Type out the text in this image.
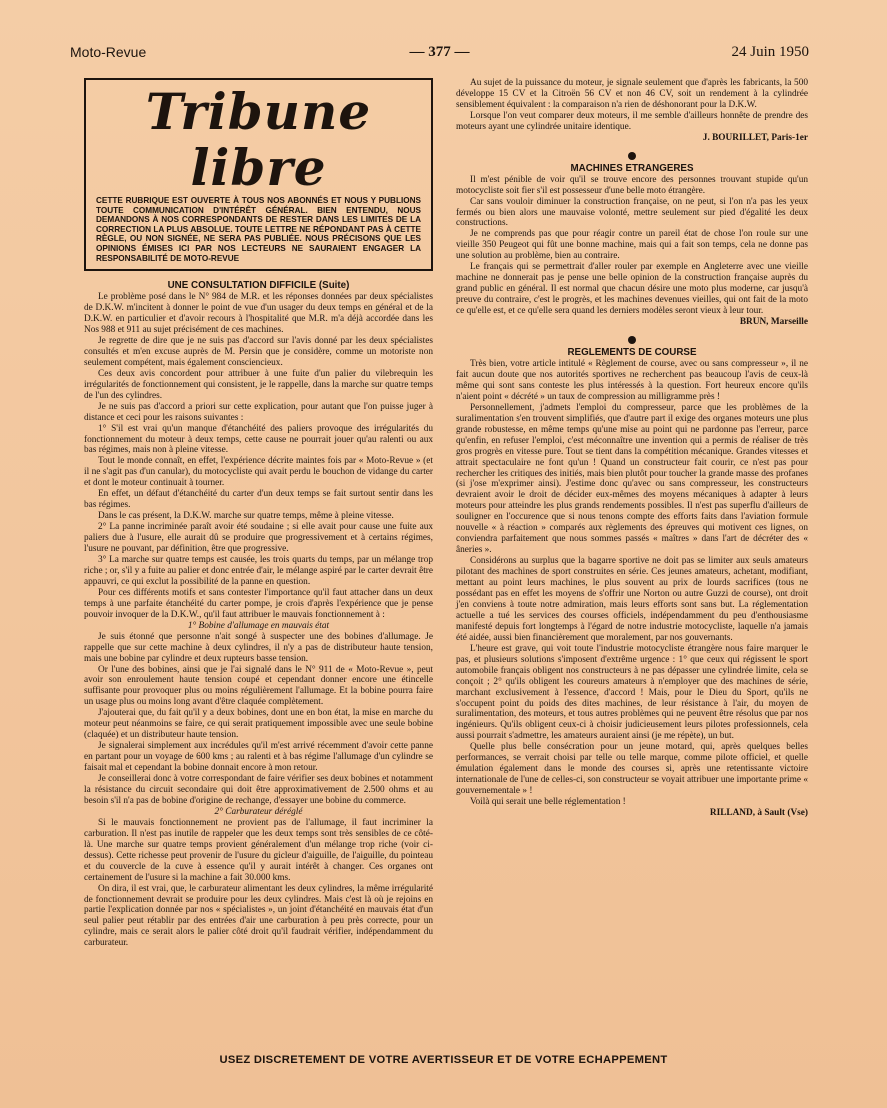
Moto-Revue	— 377 —	24 Juin 1950
Tribune libre
CETTE RUBRIQUE EST OUVERTE À TOUS NOS ABONNÉS ET NOUS Y PUBLIONS TOUTE COMMUNICATION D'INTÉRÊT GÉNÉRAL. BIEN ENTENDU, NOUS DEMANDONS À NOS CORRESPONDANTS DE RESTER DANS LES LIMITES DE LA CORRECTION LA PLUS ABSOLUE. TOUTE LETTRE NE RÉPONDANT PAS À CETTE RÈGLE, OU NON SIGNÉE, NE SERA PAS PUBLIÉE. NOUS PRÉCISONS QUE LES OPINIONS ÉMISES ICI PAR NOS LECTEURS NE SAURAIENT ENGAGER LA RESPONSABILITÉ DE MOTO-REVUE

UNE CONSULTATION DIFFICILE (Suite)

Le problème posé dans le N° 984 de M.R. et les réponses données par deux spécialistes de D.K.W. m'incitent à donner le point de vue d'un usager du deux temps en général et de la D.K.W. en particulier et d'avoir recours à l'hospitalité que M.R. m'a déjà accordée dans les Nos 988 et 911 au sujet précisément de ces machines.

Je regrette de dire que je ne suis pas d'accord sur l'avis donné par les deux spécialistes consultés et m'en excuse auprès de M. Persin que je considère, comme un motoriste non seulement compétent, mais également consciencieux.

Ces deux avis concordent pour attribuer à une fuite d'un palier du vilebrequin les irrégularités de fonctionnement qui consistent, je le rappelle, dans la marche sur quatre temps de l'un des cylindres.

Je ne suis pas d'accord a priori sur cette explication, pour autant que l'on puisse juger à distance et ceci pour les raisons suivantes :

1° S'il est vrai qu'un manque d'étanchéité des paliers provoque des irrégularités du fonctionnement du moteur à deux temps, cette cause ne pourrait jouer qu'au ralenti ou aux bas régimes, mais non à pleine vitesse.

Tout le monde connaît, en effet, l'expérience décrite maintes fois par « Moto-Revue » (et il ne s'agit pas d'un canular), du motocycliste qui avait perdu le bouchon de vidange du carter et dont le moteur continuait à tourner.

En effet, un défaut d'étanchéité du carter d'un deux temps se fait surtout sentir dans les bas régimes.

Dans le cas présent, la D.K.W. marche sur quatre temps, même à pleine vitesse.

2° La panne incriminée paraît avoir été soudaine ; si elle avait pour cause une fuite aux paliers due à l'usure, elle aurait dû se produire que progressivement et à certains régimes, l'usure ne pouvant, par définition, être que progressive.

3° La marche sur quatre temps est causée, les trois quarts du temps, par un mélange trop riche ; or, s'il y a fuite au palier et donc entrée d'air, le mélange aspiré par le carter devrait être appauvri, ce qui exclut la possibilité de la panne en question.

Pour ces différents motifs et sans contester l'importance qu'il faut attacher dans un deux temps à une parfaite étanchéité du carter pompe, je crois d'après l'expérience que je pense pouvoir invoquer de la D.K.W., qu'il faut attribuer le mauvais fonctionnement à :

1° Bobine d'allumage en mauvais état

Je suis étonné que personne n'ait songé à suspecter une des bobines d'allumage. Je rappelle que sur cette machine à deux cylindres, il n'y a pas de distributeur haute tension, mais une bobine par cylindre et deux rupteurs basse tension.

Or l'une des bobines, ainsi que je l'ai signalé dans le N° 911 de « Moto-Revue », peut avoir son enroulement haute tension coupé et cependant donner encore une étincelle suffisante pour provoquer plus ou moins régulièrement l'allumage. Et la bobine pourra faire un usage plus ou moins long avant d'être claquée complètement.

J'ajouterai que, du fait qu'il y a deux bobines, dont une en bon état, la mise en marche du moteur peut néanmoins se faire, ce qui serait pratiquement impossible avec une seule bobine (claquée) et un distributeur haute tension.

Je signalerai simplement aux incrédules qu'il m'est arrivé récemment d'avoir cette panne en partant pour un voyage de 600 kms ; au ralenti et à bas régime l'allumage d'un cylindre se faisait mal et cependant la bobine donnait encore à mon retour.

Je conseillerai donc à votre correspondant de faire vérifier ses deux bobines et notamment la résistance du circuit secondaire qui doit être approximativement de 2.500 ohms et au besoin s'il n'a pas de bobine d'origine de rechange, d'essayer une bobine du commerce.

2° Carburateur déréglé

Si le mauvais fonctionnement ne provient pas de l'allumage, il faut incriminer la carburation. Il n'est pas inutile de rappeler que les deux temps sont très sensibles de ce côté-là. Une marche sur quatre temps provient généralement d'un mélange trop riche (voir ci-dessus). Cette richesse peut provenir de l'usure du gicleur d'aiguille, de l'aiguille, du pointeau et du couvercle de la cuve à essence qu'il y aurait intérêt à changer. Ces organes ont certainement de l'usure si la machine a fait 30.000 kms.

On dira, il est vrai, que, le carburateur alimentant les deux cylindres, la même irrégularité de fonctionnement devrait se produire pour les deux cylindres. Mais c'est là où je rejoins en partie l'explication donnée par nos « spécialistes », un joint d'étanchéité en mauvais état d'un seul palier peut rétablir par des entrées d'air une carburation à peu près correcte, pour un cylindre, mais ce serait alors le palier côté droit qu'il faudrait vérifier, indépendamment du carburateur.

Au sujet de la puissance du moteur, je signale seulement que d'après les fabricants, la 500 développe 15 CV et la Citroën 56 CV et non 46 CV, soit un rendement à la cylindrée sensiblement équivalent : la comparaison n'a rien de déshonorant pour la D.K.W.

Lorsque l'on veut comparer deux moteurs, il me semble d'ailleurs honnête de prendre des moteurs ayant une cylindrée unitaire identique.

J. BOURILLET, Paris-1er

MACHINES ETRANGERES

Il m'est pénible de voir qu'il se trouve encore des personnes trouvant stupide qu'un motocycliste soit fier s'il est possesseur d'une belle moto étrangère.

Car sans vouloir diminuer la construction française, on ne peut, si l'on n'a pas les yeux fermés ou bien alors une mauvaise volonté, mettre seulement sur pied d'égalité les deux constructions.

Je ne comprends pas que pour réagir contre un pareil état de chose l'on roule sur une vieille 350 Peugeot qui fût une bonne machine, mais qui a fait son temps, cela ne donne pas une solution au problème, bien au contraire.

Le français qui se permettrait d'aller rouler par exemple en Angleterre avec une vieille machine ne donnerait pas je pense une belle opinion de la construction française auprès du grand public en général. Il est normal que chacun désire une moto plus moderne, car jusqu'à preuve du contraire, c'est le progrès, et les machines devenues vieilles, qui ont fait de la moto ce qu'elle est, et ce qu'elle sera quand les derniers modèles seront vieux à leur tour.

BRUN, Marseille

REGLEMENTS DE COURSE

Très bien, votre article intitulé « Règlement de course, avec ou sans compresseur », il ne fait aucun doute que nos autorités sportives ne recherchent pas beaucoup l'avis de ceux-là même qui sont sans conteste les plus intéressés à la question. Fort heureux encore qu'ils n'aient point « décrété » un taux de compression au milligramme près !

Personnellement, j'admets l'emploi du compresseur, parce que les problèmes de la suralimentation s'en trouvent simplifiés, que d'autre part il exige des organes moteurs une plus grande robustesse, en même temps qu'une mise au point qui ne pardonne pas l'erreur, parce qu'enfin, en refuser l'emploi, c'est méconnaître une invention qui a permis de réaliser de très gros progrès en vitesse pure. Tout se tient dans la compétition mécanique. Grandes vitesses et attrait spectaculaire ne font qu'un ! Quand un constructeur fait courir, ce n'est pas pour rechercher les critiques des initiés, mais bien plutôt pour toucher la grande masse des profanes (si j'ose m'exprimer ainsi). J'estime donc qu'avec ou sans compresseur, les constructeurs devraient avoir le droit de décider eux-mêmes des moyens mécaniques à adapter à leurs moteurs pour atteindre les plus grands rendements possibles. Il n'est pas superflu d'ailleurs de souligner en l'occurence que si nous tenons compte des efforts faits dans l'aviation formule nouvelle « à réaction » comparés aux règlements des épreuves qui motivent ces lignes, on conviendra parfaitement que nous sommes passés « maîtres » dans l'art de décréter des « âneries ».

Considérons au surplus que la bagarre sportive ne doit pas se limiter aux seuls amateurs pilotant des machines de sport construites en série. Ces jeunes amateurs, achetant, modifiant, mettant au point leurs machines, le plus souvent au prix de lourds sacrifices (tous ne possédant pas en effet les moyens de s'offrir une Norton ou autre Guzzi de course), ont droit j'en conviens à toute notre admiration, mais leurs efforts sont sans but. La réglementation actuelle a tué les services des courses officiels, indépendamment du peu d'enthousiasme manifesté depuis fort longtemps à l'égard de notre industrie motocycliste, laquelle n'a jamais été aidée, aussi bien financièrement que moralement, par nos gouvernants.

L'heure est grave, qui voit toute l'industrie motocycliste étrangère nous faire marquer le pas, et plusieurs solutions s'imposent d'extrême urgence : 1° que ceux qui régissent le sport automobile français obligent nos constructeurs à ne pas dépasser une cylindrée limite, cela se conçoit ; 2° qu'ils obligent les coureurs amateurs à n'employer que des machines de série, marchant exclusivement à l'essence, d'accord ! Mais, pour le Dieu du Sport, qu'ils ne s'occupent point du poids des dites machines, de leur résistance à l'air, du moyen de suralimentation, des moteurs, et tous autres problèmes qui ne peuvent être résolus que par nos ingénieurs. Qu'ils obligent ceux-ci à choisir judicieusement leurs pilotes professionnels, cela aussi pourrait s'admettre, les amateurs auraient ainsi (je me répète), un but.

Quelle plus belle consécration pour un jeune motard, qui, après quelques belles performances, se verrait choisi par telle ou telle marque, comme pilote officiel, et quelle émulation également dans le monde des courses si, après une retentissante victoire internationale de l'une de celles-ci, son constructeur se voyait attribuer une importante prime « gouvernementale » !

Voilà qui serait une belle réglementation !

RILLAND, à Sault (Vse)

USEZ DISCRETEMENT DE VOTRE AVERTISSEUR ET DE VOTRE ECHAPPEMENT
